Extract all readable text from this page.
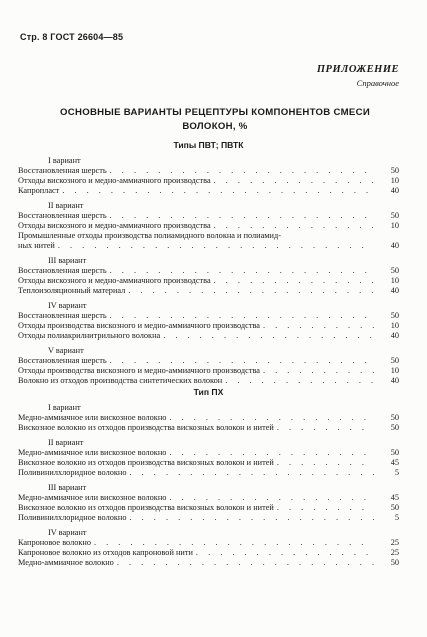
Стр. 8 ГОСТ 26604—85
ПРИЛОЖЕНИЕ
Справочное
ОСНОВНЫЕ ВАРИАНТЫ РЕЦЕПТУРЫ КОМПОНЕНТОВ СМЕСИ ВОЛОКОН, %
Типы ПВТ; ПВТК
I вариант
Восстановленная шерсть . . .	50
Отходы вискозного и медно-аммиачного производства . . .	10
Капропласт . . .	40
II вариант
Восстановленная шерсть . . .	50
Отходы вискозного и медно-аммиачного производства . . .	10
Промышленные отходы производства полиамидного волокна и полиамид-
ных нитей . . .	40
III вариант
Восстановленная шерсть . . .	50
Отходы вискозного и медно-аммиачного производства . . .	10
Теплоизоляционный материал . . .	40
IV вариант
Восстановленная шерсть . . .	50
Отходы производства вискозного и медно-аммиачного производства . . .	10
Отходы полиакрилнитрильного волокна . . .	40
V вариант
Восстановленная шерсть . . .	50
Отходы производства вискозного и медно-аммиачного производства . . .	10
Волокно из отходов производства синтетических волокон . . .	40
Тип ПХ
I вариант
Медно-аммиачное или вискозное волокно . . .	50
Вискозное волокно из отходов производства вискозных волокон и нитей . . .	50
II вариант
Медно-аммиачное или вискозное волокно . . .	50
Вискозное волокно из отходов производства вискозных волокон и нитей . . .	45
Поливинилхлоридное волокно . . .	5
III вариант
Медно-аммиачное или вискозное волокно . . .	45
Вискозное волокно из отходов производства вискозных волокон и нитей . . .	50
Поливинилхлоридное волокно . . .	5
IV вариант
Капроновое волокно . . .	25
Капроновое волокно из отходов капроновой нити . . .	25
Медно-аммиачное волокно . . .	50
